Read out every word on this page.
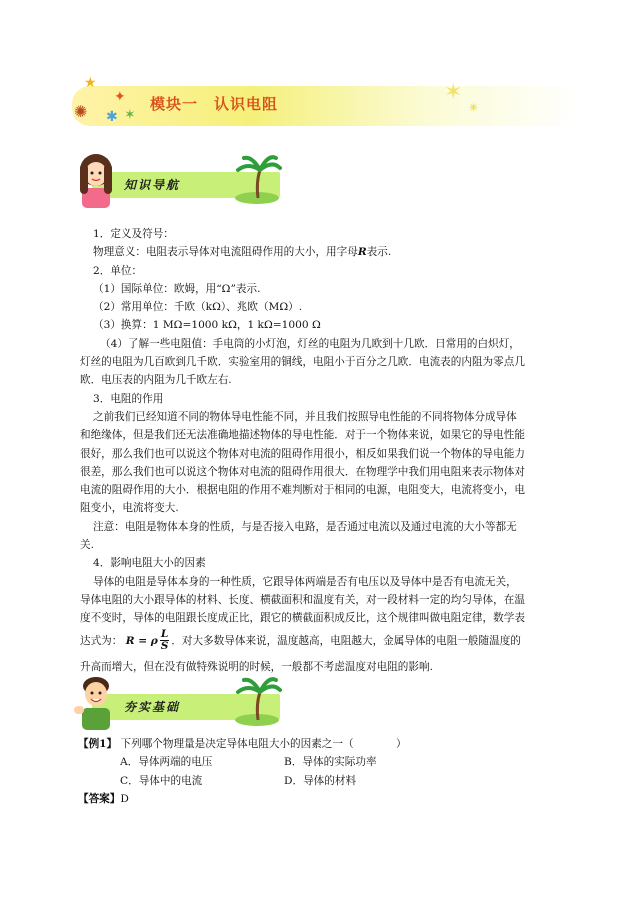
★
✦
✺ ✱ ✶
✶
✷
模块一　认识电阻
知识导航
1．定义及符号：
物理意义：电阻表示导体对电流阻碍作用的大小，用字母R表示.
2．单位：
（1）国际单位：欧姆，用“Ω”表示.
（2）常用单位：千欧（kΩ）、兆欧（MΩ）.
（3）换算：1 MΩ=1000 kΩ，1 kΩ=1000 Ω
（4）了解一些电阻值：手电筒的小灯泡，灯丝的电阻为几欧到十几欧．日常用的白炽灯，
灯丝的电阻为几百欧到几千欧．实验室用的铜线，电阻小于百分之几欧．电流表的内阻为零点几
欧．电压表的内阻为几千欧左右.
3．电阻的作用
之前我们已经知道不同的物体导电性能不同，并且我们按照导电性能的不同将物体分成导体
和绝缘体，但是我们还无法准确地描述物体的导电性能．对于一个物体来说，如果它的导电性能
很好，那么我们也可以说这个物体对电流的阻碍作用很小，相反如果我们说一个物体的导电能力
很差，那么我们也可以说这个物体对电流的阻碍作用很大．在物理学中我们用电阻来表示物体对
电流的阻碍作用的大小．根据电阻的作用不难判断对于相同的电源，电阻变大，电流将变小，电
阻变小，电流将变大.
注意：电阻是物体本身的性质，与是否接入电路，是否通过电流以及通过电流的大小等都无
关.
4．影响电阻大小的因素
导体的电阻是导体本身的一种性质，它跟导体两端是否有电压以及导体中是否有电流无关，
导体电阻的大小跟导体的材料、长度、横截面积和温度有关，对一段材料一定的均匀导体，在温
度不变时，导体的电阻跟长度成正比，跟它的横截面积成反比，这个规律叫做电阻定律，数学表
达式为： R = ρ $\frac{L}{S}$ ．对大多数导体来说，温度越高，电阻越大，金属导体的电阻一般随温度的
升高而增大，但在没有做特殊说明的时候，一般都不考虑温度对电阻的影响.
夯实基础
【例1】 下列哪个物理量是决定导体电阻大小的因素之一（　　　　）
A．导体两端的电压	B．导体的实际功率
C．导体中的电流	D．导体的材料
【答案】D
